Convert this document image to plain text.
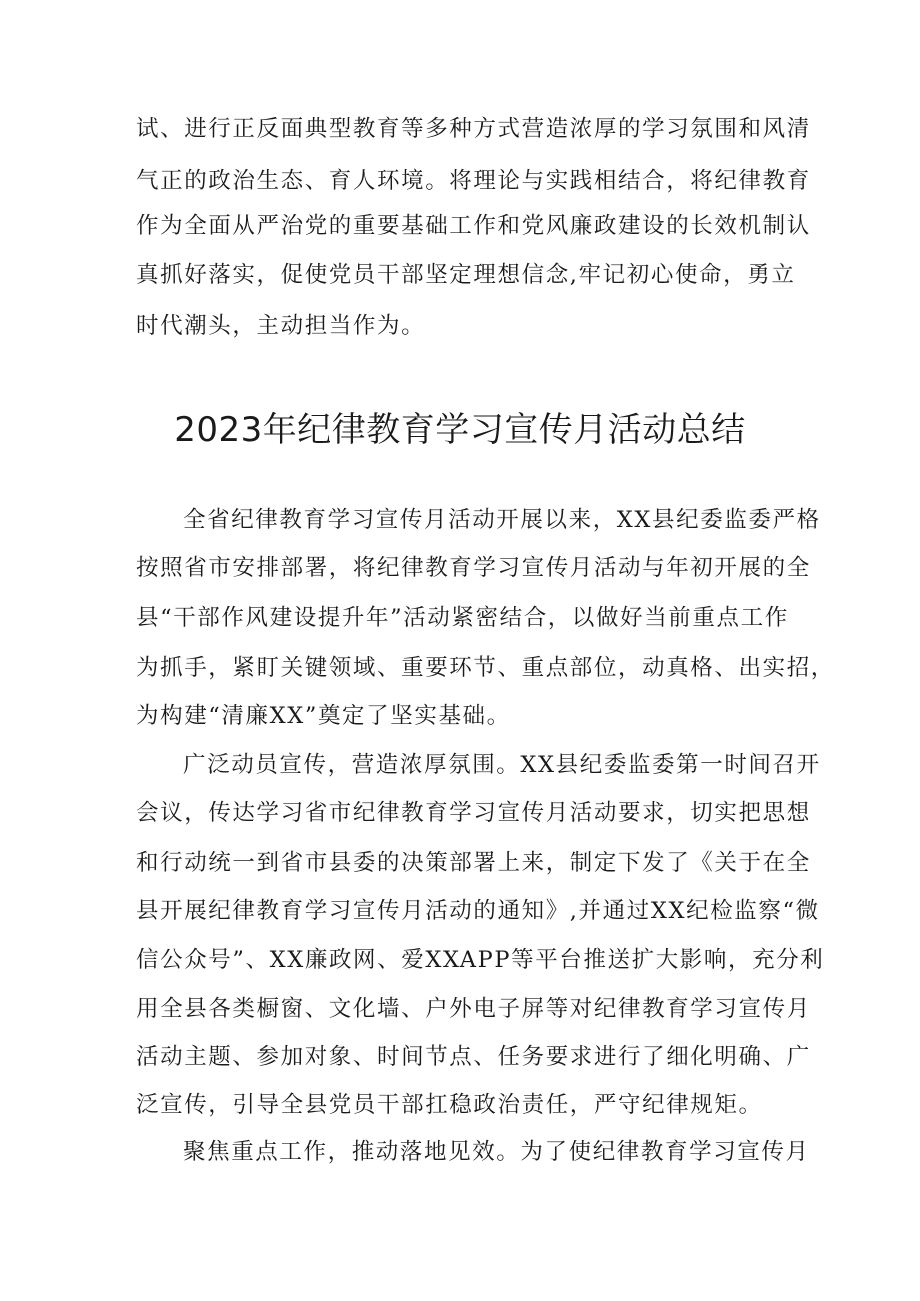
试、进行正反面典型教育等多种方式营造浓厚的学习氛围和风清
气正的政治生态、育人环境。将理论与实践相结合，将纪律教育
作为全面从严治党的重要基础工作和党风廉政建设的长效机制认
真抓好落实，促使党员干部坚定理想信念,牢记初心使命，勇立
时代潮头，主动担当作为。
2023年纪律教育学习宣传月活动总结
全省纪律教育学习宣传月活动开展以来，XX县纪委监委严格
按照省市安排部署，将纪律教育学习宣传月活动与年初开展的全
县“干部作风建设提升年”活动紧密结合，以做好当前重点工作
为抓手，紧盯关键领域、重要环节、重点部位，动真格、出实招，
为构建“清廉XX”奠定了坚实基础。
广泛动员宣传，营造浓厚氛围。XX县纪委监委第一时间召开
会议，传达学习省市纪律教育学习宣传月活动要求，切实把思想
和行动统一到省市县委的决策部署上来，制定下发了《关于在全
县开展纪律教育学习宣传月活动的通知》,并通过XX纪检监察“微
信公众号”、XX廉政网、爱XXAPP等平台推送扩大影响，充分利
用全县各类橱窗、文化墙、户外电子屏等对纪律教育学习宣传月
活动主题、参加对象、时间节点、任务要求进行了细化明确、广
泛宣传，引导全县党员干部扛稳政治责任，严守纪律规矩。
聚焦重点工作，推动落地见效。为了使纪律教育学习宣传月
